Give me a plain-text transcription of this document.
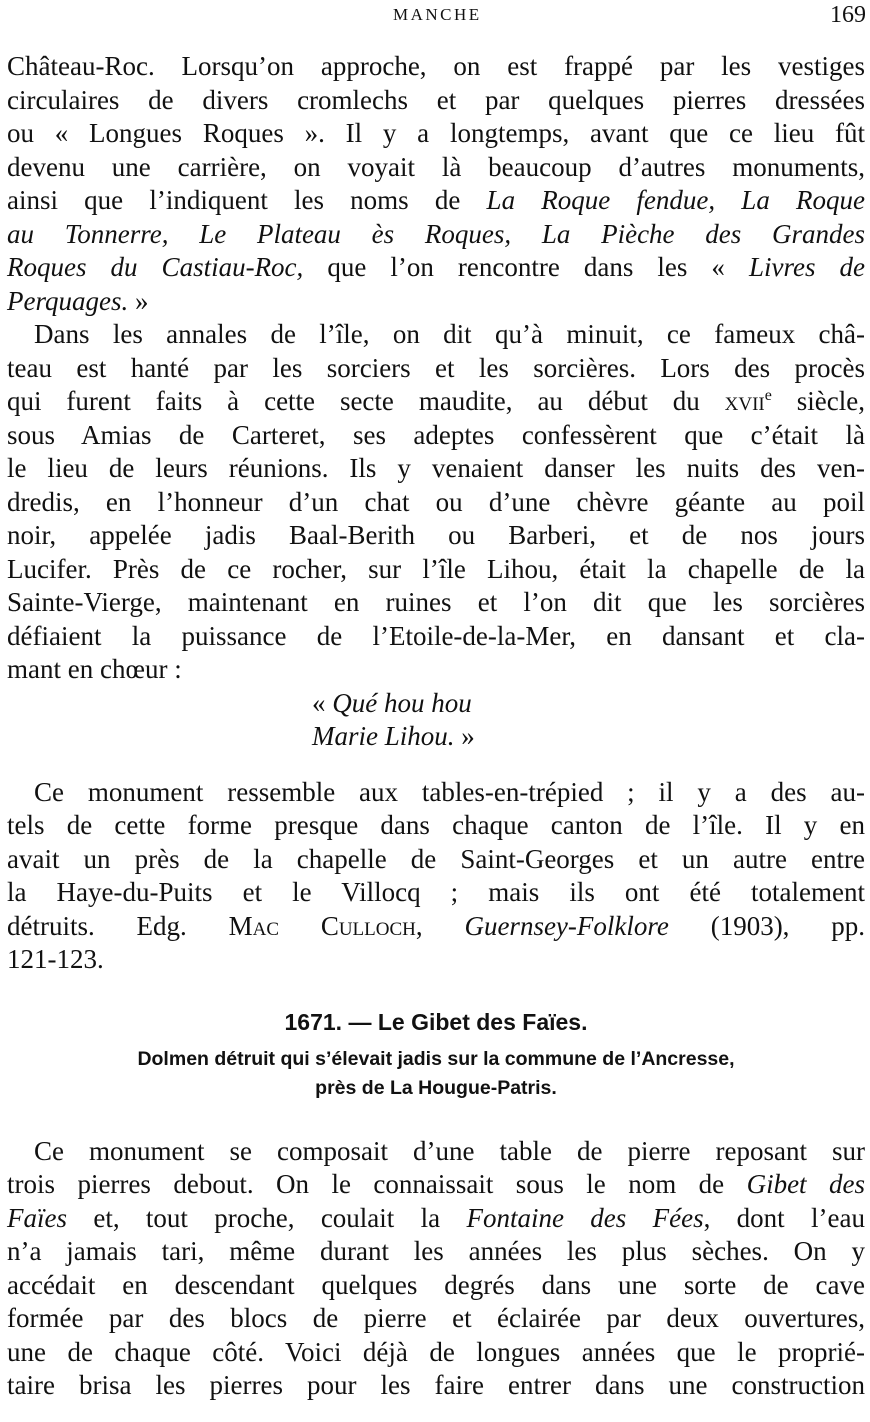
MANCHE	169

Château-Roc. Lorsqu’on approche, on est frappé par les vestiges
circulaires de divers cromlechs et par quelques pierres dressées
ou « Longues Roques ». Il y a longtemps, avant que ce lieu fût
devenu une carrière, on voyait là beaucoup d’autres monuments,
ainsi que l’indiquent les noms de La Roque fendue, La Roque
au Tonnerre, Le Plateau ès Roques, La Pièche des Grandes
Roques du Castiau-Roc, que l’on rencontre dans les « Livres de
Perquages. »

Dans les annales de l’île, on dit qu’à minuit, ce fameux châ-

teau est hanté par les sorciers et les sorcières. Lors des procès
qui furent faits à cette secte maudite, au début du xvii$^e$ siècle,
sous Amias de Carteret, ses adeptes confessèrent que c’était là
le lieu de leurs réunions. Ils y venaient danser les nuits des ven-
dredis, en l’honneur d’un chat ou d’une chèvre géante au poil
noir, appelée jadis Baal-Berith ou Barberi, et de nos jours
Lucifer. Près de ce rocher, sur l’île Lihou, était la chapelle de la
Sainte-Vierge, maintenant en ruines et l’on dit que les sorcières
défiaient la puissance de l’Etoile-de-la-Mer, en dansant et cla-
mant en chœur :

« Qué hou hou
Marie Lihou. »

Ce monument ressemble aux tables-en-trépied ; il y a des au-

tels de cette forme presque dans chaque canton de l’île. Il y en
avait un près de la chapelle de Saint-Georges et un autre entre
la Haye-du-Puits et le Villocq ; mais ils ont été totalement
détruits. Edg. Mac Culloch, Guernsey-Folklore (1903), pp.
121-123.

1671. — Le Gibet des Faïes.

Dolmen détruit qui s’élevait jadis sur la commune de l’Ancresse,

près de La Hougue-Patris.

Ce monument se composait d’une table de pierre reposant sur

trois pierres debout. On le connaissait sous le nom de Gibet des
Faïes et, tout proche, coulait la Fontaine des Fées, dont l’eau
n’a jamais tari, même durant les années les plus sèches. On y
accédait en descendant quelques degrés dans une sorte de cave
formée par des blocs de pierre et éclairée par deux ouvertures,
une de chaque côté. Voici déjà de longues années que le proprié-
taire brisa les pierres pour les faire entrer dans une construction
